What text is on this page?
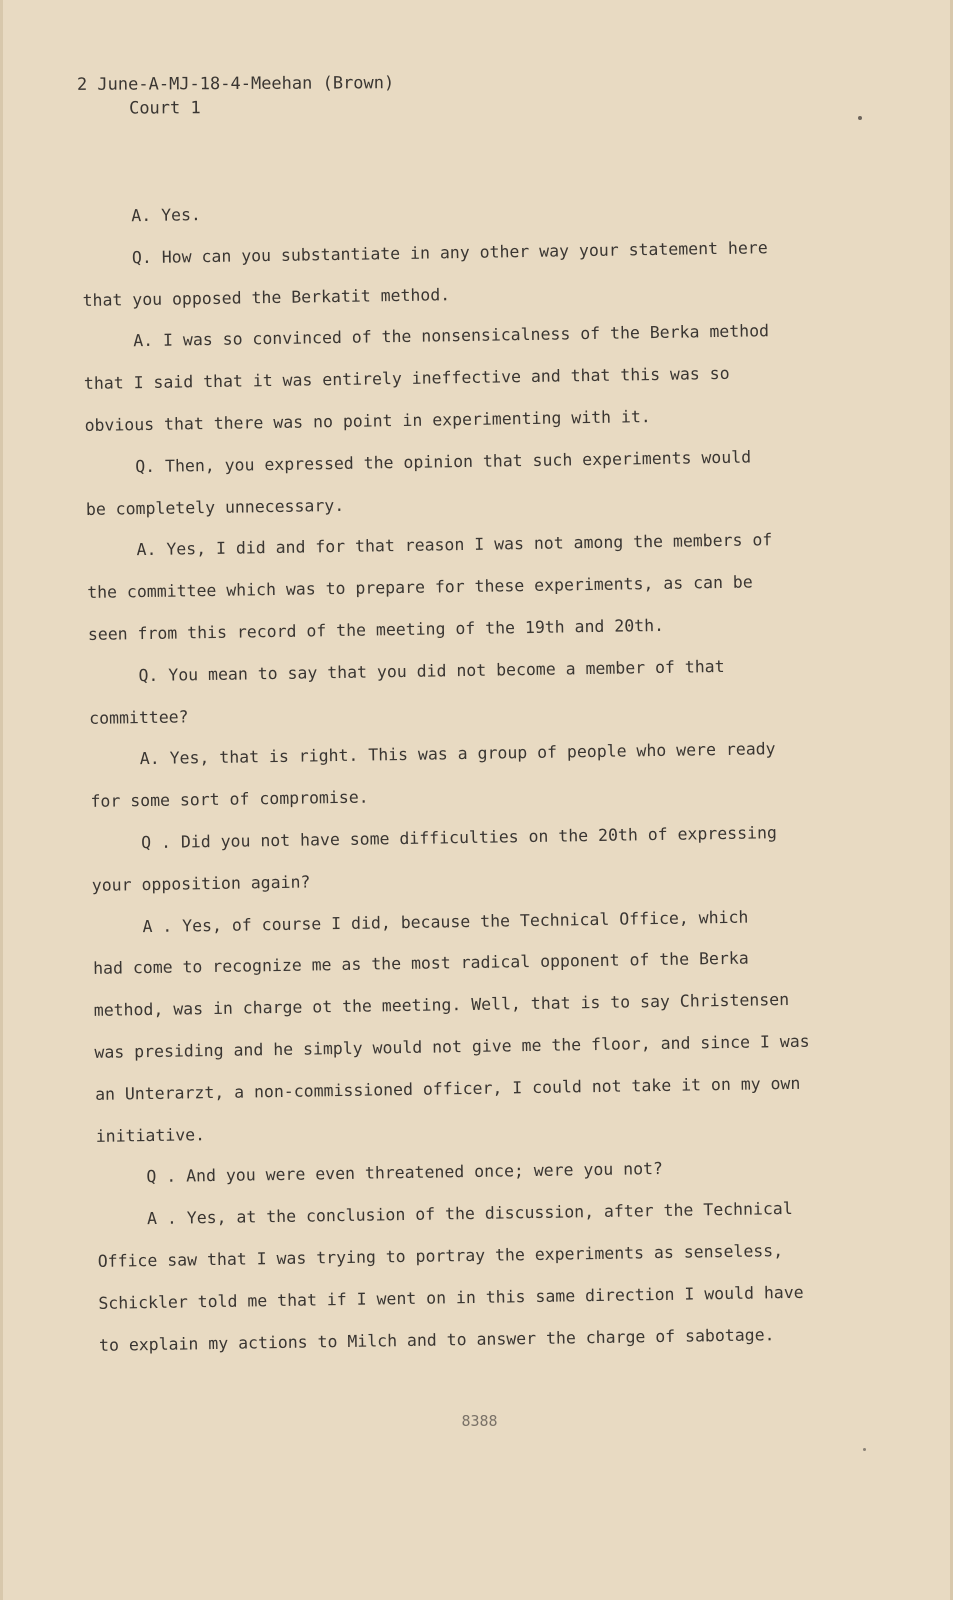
2 June-A-MJ-18-4-Meehan (Brown)
Court 1
A. Yes.
Q. How can you substantiate in any other way your statement here
that you opposed the Berkatit method.
A. I was so convinced of the nonsensicalness of the Berka method
that I said that it was entirely ineffective and that this was so
obvious that there was no point in experimenting with it.
Q. Then, you expressed the opinion that such experiments would
be completely unnecessary.
A. Yes, I did and for that reason I was not among the members of
the committee which was to prepare for these experiments, as can be
seen from this record of the meeting of the 19th and 20th.
Q. You mean to say that you did not become a member of that
committee?
A. Yes, that is right. This was a group of people who were ready
for some sort of compromise.
Q . Did you not have some difficulties on the 20th of expressing
your opposition again?
A . Yes, of course I did, because the Technical Office, which
had come to recognize me as the most radical opponent of the Berka
method, was in charge ot the meeting. Well, that is to say Christensen
was presiding and he simply would not give me the floor, and since I was
an Unterarzt, a non-commissioned officer, I could not take it on my own
initiative.
Q . And you were even threatened once; were you not?
A . Yes, at the conclusion of the discussion, after the Technical
Office saw that I was trying to portray the experiments as senseless,
Schickler told me that if I went on in this same direction I would have
to explain my actions to Milch and to answer the charge of sabotage.
8388
